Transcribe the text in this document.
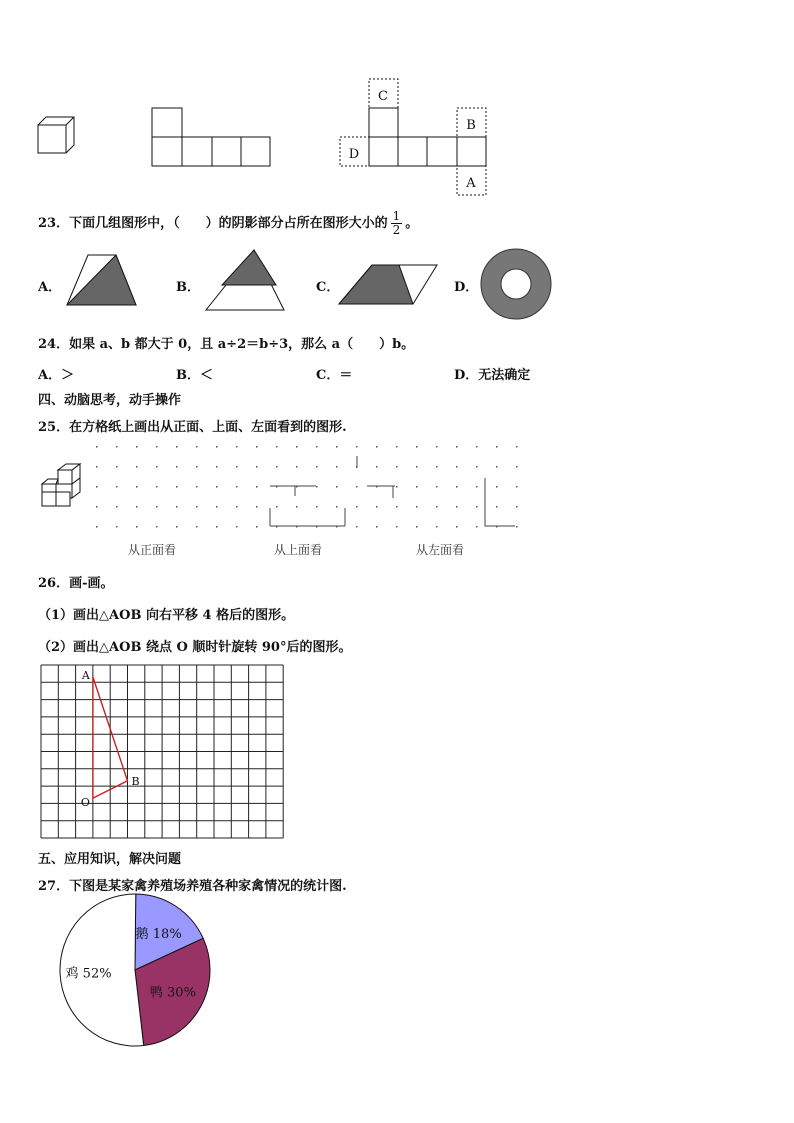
C
B
D
A
23．下面几组图形中，（　　）的阴影部分占所在图形大小的 $\frac{1}{2}$ 。
A．	B．	C．	D．
24．如果 a、b 都大于 0，且 a÷2＝b÷3，那么 a（　　）b。
A．＞	B．＜	C．＝	D．无法确定
四、动脑思考，动手操作
25．在方格纸上画出从正面、上面、左面看到的图形.
从正面看	从上面看	从左面看
26．画-画。
（1）画出△AOB 向右平移 4 格后的图形。
（2）画出△AOB 绕点 O 顺时针旋转 90°后的图形。
A
B
O
五、应用知识，解决问题
27．下图是某家禽养殖场养殖各种家禽情况的统计图.
鹅 18%
鸭 30%
鸡 52%
